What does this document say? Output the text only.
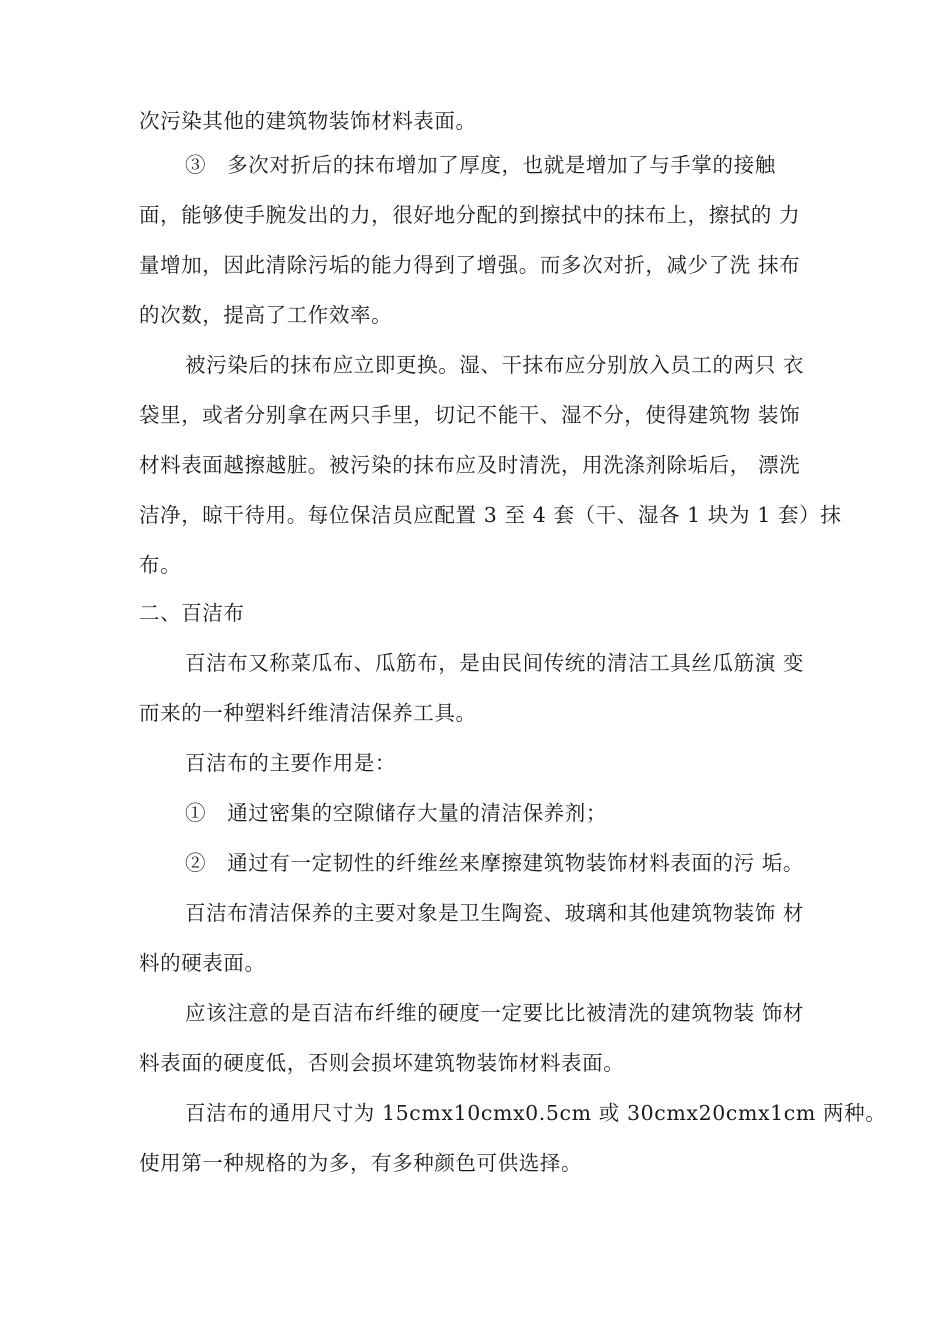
次污染其他的建筑物装饰材料表面。
③　多次对折后的抹布增加了厚度，也就是增加了与手掌的接触
面，能够使手腕发出的力，很好地分配的到擦拭中的抹布上，擦拭的 力
量增加，因此清除污垢的能力得到了增强。而多次对折，减少了洗 抹布
的次数，提高了工作效率。
被污染后的抹布应立即更换。湿、干抹布应分别放入员工的两只 衣
袋里，或者分别拿在两只手里，切记不能干、湿不分，使得建筑物 装饰
材料表面越擦越脏。被污染的抹布应及时清洗，用洗涤剂除垢后， 漂洗
洁净，晾干待用。每位保洁员应配置 3 至 4 套（干、湿各 1 块为 1 套）抹
布。
二、百洁布
百洁布又称菜瓜布、瓜筋布，是由民间传统的清洁工具丝瓜筋演 变
而来的一种塑料纤维清洁保养工具。
百洁布的主要作用是：
①　通过密集的空隙储存大量的清洁保养剂；
②　通过有一定韧性的纤维丝来摩擦建筑物装饰材料表面的污 垢。
百洁布清洁保养的主要对象是卫生陶瓷、玻璃和其他建筑物装饰 材
料的硬表面。
应该注意的是百洁布纤维的硬度一定要比比被清洗的建筑物装 饰材
料表面的硬度低，否则会损坏建筑物装饰材料表面。
百洁布的通用尺寸为 15cmx10cmx0.5cm 或 30cmx20cmx1cm 两种。
使用第一种规格的为多，有多种颜色可供选择。
